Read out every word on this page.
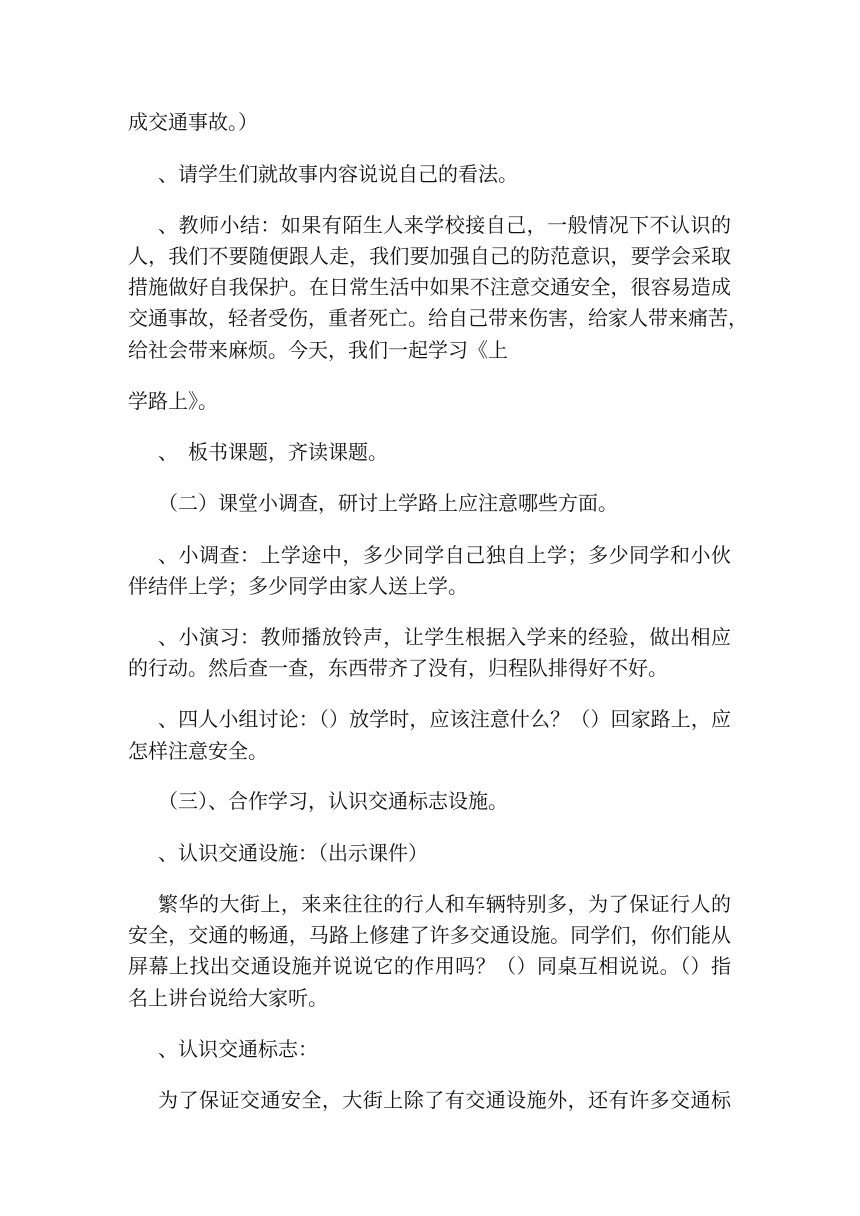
成交通事故。）
、请学生们就故事内容说说自己的看法。
、教师小结：如果有陌生人来学校接自己，一般情况下不认识的
人，我们不要随便跟人走，我们要加强自己的防范意识，要学会采取
措施做好自我保护。在日常生活中如果不注意交通安全，很容易造成
交通事故，轻者受伤，重者死亡。给自己带来伤害，给家人带来痛苦，
给社会带来麻烦。今天，我们一起学习《上
学路上》。
、　板书课题，齐读课题。
（二）课堂小调查，研讨上学路上应注意哪些方面。
、小调查：上学途中，多少同学自己独自上学；多少同学和小伙
伴结伴上学；多少同学由家人送上学。
、小演习：教师播放铃声，让学生根据入学来的经验，做出相应
的行动。然后查一查，东西带齐了没有，归程队排得好不好。
、四人小组讨论：（）放学时，应该注意什么？（）回家路上，应
怎样注意安全。
（三）、合作学习，认识交通标志设施。
、认识交通设施：（出示课件）
繁华的大街上，来来往往的行人和车辆特别多，为了保证行人的
安全，交通的畅通，马路上修建了许多交通设施。同学们，你们能从
屏幕上找出交通设施并说说它的作用吗？（）同桌互相说说。（）指
名上讲台说给大家听。
、认识交通标志：
为了保证交通安全，大街上除了有交通设施外，还有许多交通标
